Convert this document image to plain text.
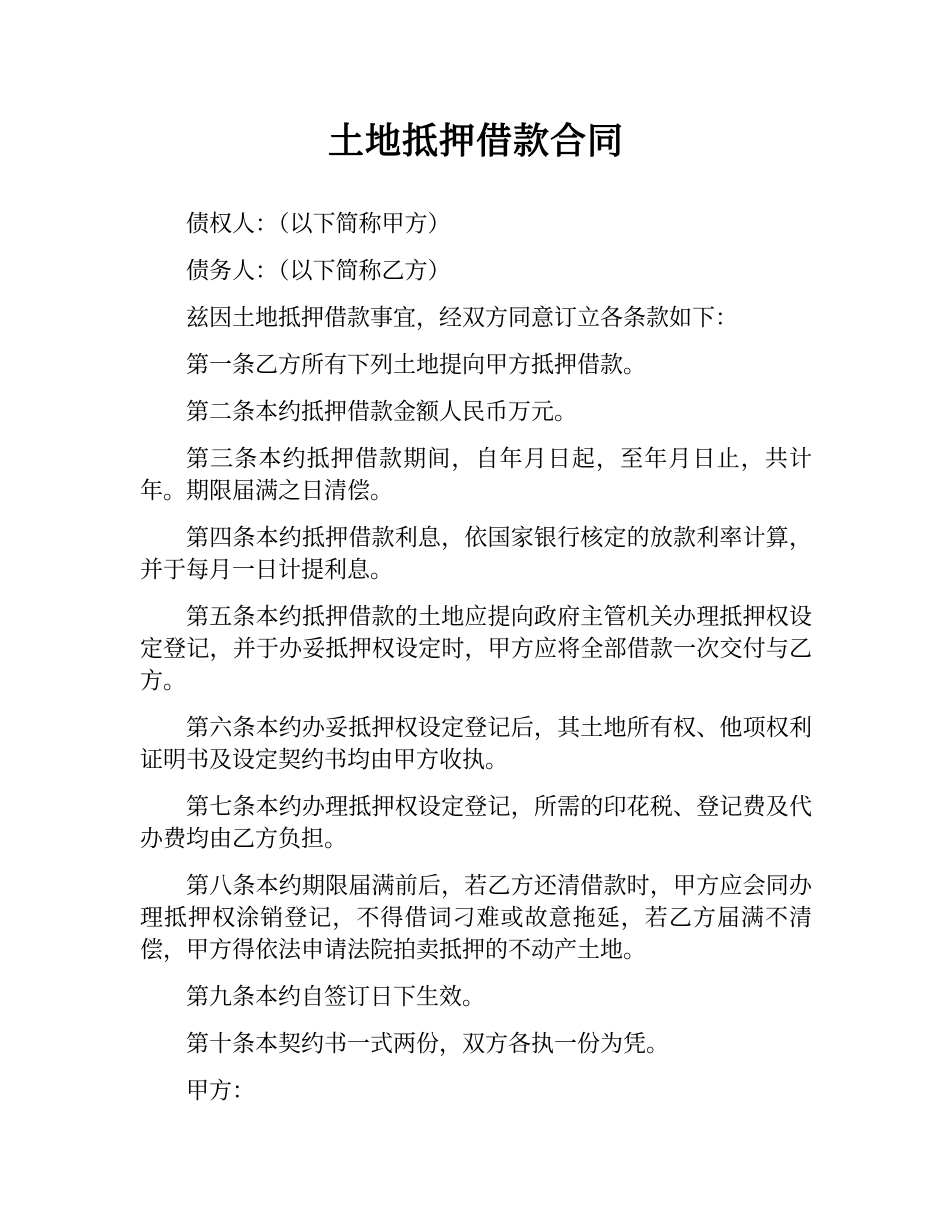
土地抵押借款合同

债权人：（以下简称甲方）

债务人：（以下简称乙方）

兹因土地抵押借款事宜，经双方同意订立各条款如下：

第一条乙方所有下列土地提向甲方抵押借款。

第二条本约抵押借款金额人民币万元。

第三条本约抵押借款期间，自年月日起，至年月日止，共计年。期限届满之日清偿。

第四条本约抵押借款利息，依国家银行核定的放款利率计算，并于每月一日计提利息。

第五条本约抵押借款的土地应提向政府主管机关办理抵押权设定登记，并于办妥抵押权设定时，甲方应将全部借款一次交付与乙方。

第六条本约办妥抵押权设定登记后，其土地所有权、他项权利证明书及设定契约书均由甲方收执。

第七条本约办理抵押权设定登记，所需的印花税、登记费及代办费均由乙方负担。

第八条本约期限届满前后，若乙方还清借款时，甲方应会同办理抵押权涂销登记，不得借词刁难或故意拖延，若乙方届满不清偿，甲方得依法申请法院拍卖抵押的不动产土地。

第九条本约自签订日下生效。

第十条本契约书一式两份，双方各执一份为凭。

甲方：
